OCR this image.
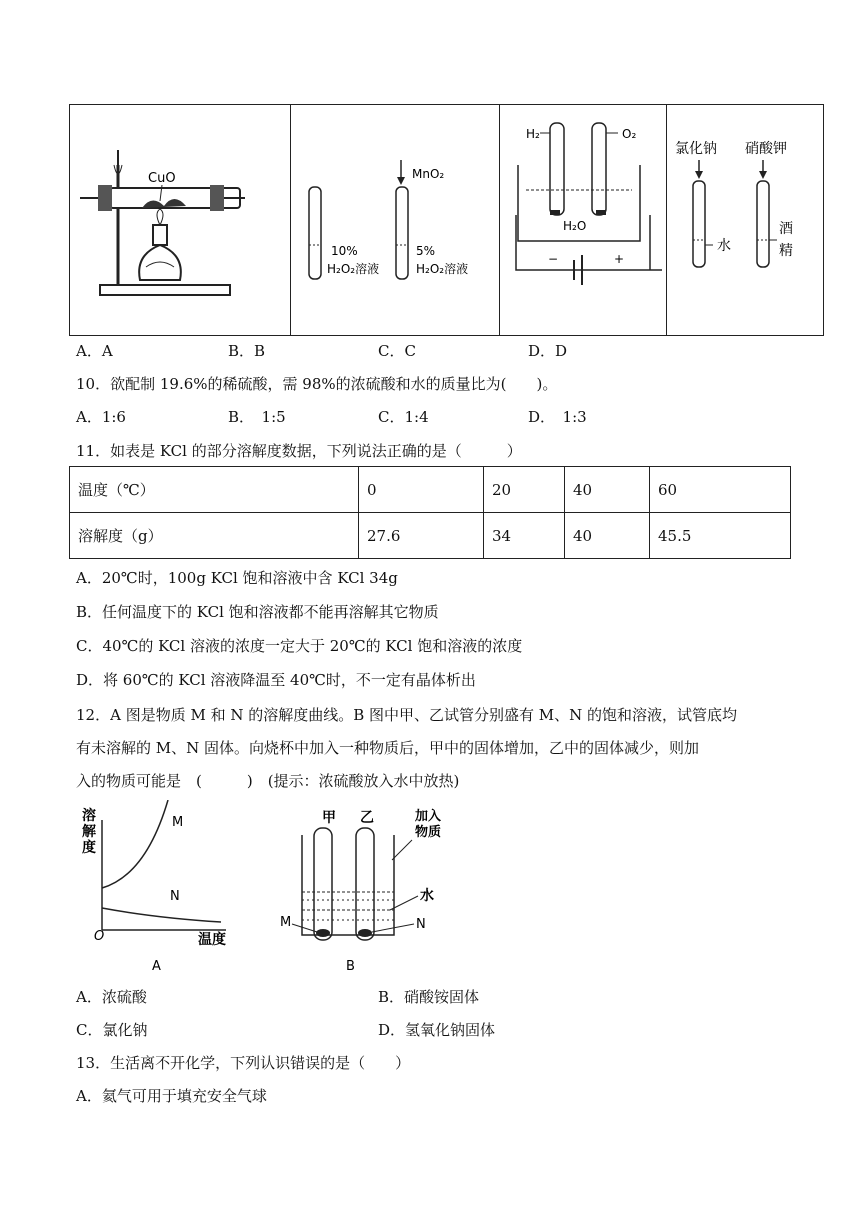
CuO	MnO₂
10%
H₂O₂溶液
5%
H₂O₂溶液

H₂	O₂
H₂O
−	+

氯化钠 硝酸钾
水
酒
精
A．A	B．B	C．C	D．D
10．欲配制 19.6%的稀硫酸，需 98%的浓硫酸和水的质量比为(　　)。
A．1:6	B．　1:5	C．1:4	D．　1:3
11．如表是 KCl 的部分溶解度数据，下列说法正确的是（　　　）
温度（℃）	0	20	40	60
溶解度（g）	27.6	34	40	45.5
A．20℃时，100g KCl 饱和溶液中含 KCl 34g
B．任何温度下的 KCl 饱和溶液都不能再溶解其它物质
C．40℃的 KCl 溶液的浓度一定大于 20℃的 KCl 饱和溶液的浓度
D．将 60℃的 KCl 溶液降温至 40℃时，不一定有晶体析出
12．A 图是物质 M 和 N 的溶解度曲线。B 图中甲、乙试管分别盛有 M、N 的饱和溶液，试管底均
有未溶解的 M、N 固体。向烧杯中加入一种物质后，甲中的固体增加，乙中的固体减少，则加
入的物质可能是　(　　　)　(提示：浓硫酸放入水中放热)
溶
解
度
M
N
O	温度
A
甲 乙	加入
物质
水
M	N
B
A．浓硫酸	B．硝酸铵固体
C．氯化钠	D．氢氧化钠固体
13．生活离不开化学，下列认识错误的是（　　）
A．氦气可用于填充安全气球
